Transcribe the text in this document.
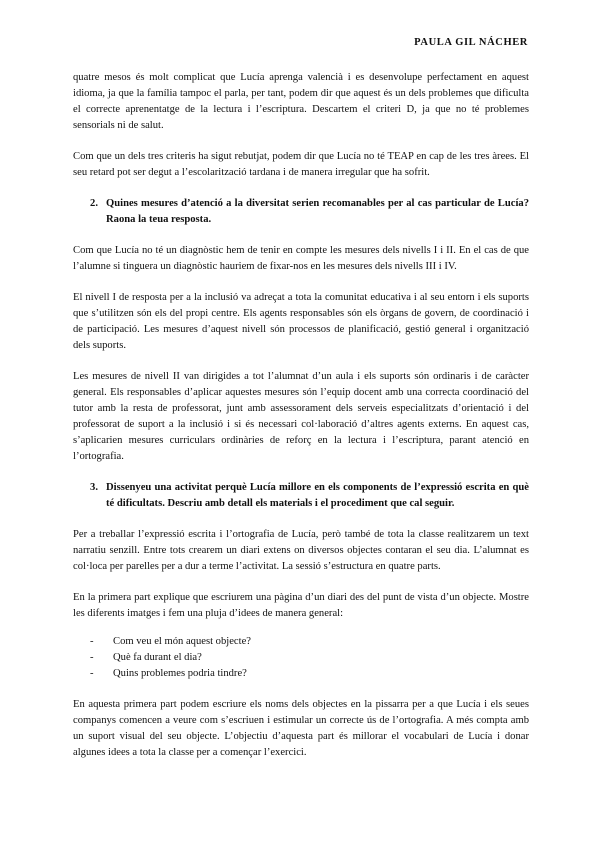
PAULA GIL NÁCHER

quatre mesos és molt complicat que Lucía aprenga valencià i es desenvolupe perfectament en aquest idioma, ja que la família tampoc el parla, per tant, podem dir que aquest és un dels problemes que dificulta el correcte aprenentatge de la lectura i l’escriptura. Descartem el criteri D, ja que no té problemes sensorials ni de salut.

Com que un dels tres criteris ha sigut rebutjat, podem dir que Lucía no té TEAP en cap de les tres àrees. El seu retard pot ser degut a l’escolarització tardana i de manera irregular que ha sofrit.

2. Quines mesures d’atenció a la diversitat serien recomanables per al cas particular de Lucía? Raona la teua resposta.

Com que Lucía no té un diagnòstic hem de tenir en compte les mesures dels nivells I i II. En el cas de que l’alumne si tinguera un diagnòstic hauriem de fixar-nos en les mesures dels nivells III i IV.

El nivell I de resposta per a la inclusió va adreçat a tota la comunitat educativa i al seu entorn i els suports que s’utilitzen són els del propi centre. Els agents responsables són els òrgans de govern, de coordinació i de participació. Les mesures d’aquest nivell són processos de planificació, gestió general i organització dels suports.

Les mesures de nivell II van dirigides a tot l’alumnat d’un aula i els suports són ordinaris i de caràcter general. Els responsables d’aplicar aquestes mesures són l’equip docent amb una correcta coordinació del tutor amb la resta de professorat, junt amb assessorament dels serveis especialitzats d’orientació i del professorat de suport a la inclusió i si és necessari col·laboració d’altres agents externs. En aquest cas, s’aplicarien mesures curriculars ordinàries de reforç en la lectura i l’escriptura, parant atenció en l’ortografia.

3. Dissenyeu una activitat perquè Lucía millore en els components de l’expressió escrita en què té dificultats. Descriu amb detall els materials i el procediment que cal seguir.

Per a treballar l’expressió escrita i l’ortografia de Lucía, però també de tota la classe realitzarem un text narratiu senzill. Entre tots crearem un diari extens on diversos objectes contaran el seu dia. L’alumnat es col·loca per parelles per a dur a terme l’activitat. La sessió s’estructura en quatre parts.

En la primera part explique que escriurem una pàgina d’un diari des del punt de vista d’un objecte. Mostre les diferents imatges i fem una pluja d’idees de manera general:

-	Com veu el món aquest objecte?
-	Què fa durant el dia?
-	Quins problemes podria tindre?

En aquesta primera part podem escriure els noms dels objectes en la pissarra per a que Lucía i els seues companys comencen a veure com s’escriuen i estimular un correcte ús de l’ortografia. A més compta amb un suport visual del seu objecte. L’objectiu d’aquesta part és millorar el vocabulari de Lucía i donar algunes idees a tota la classe per a començar l’exercici.
